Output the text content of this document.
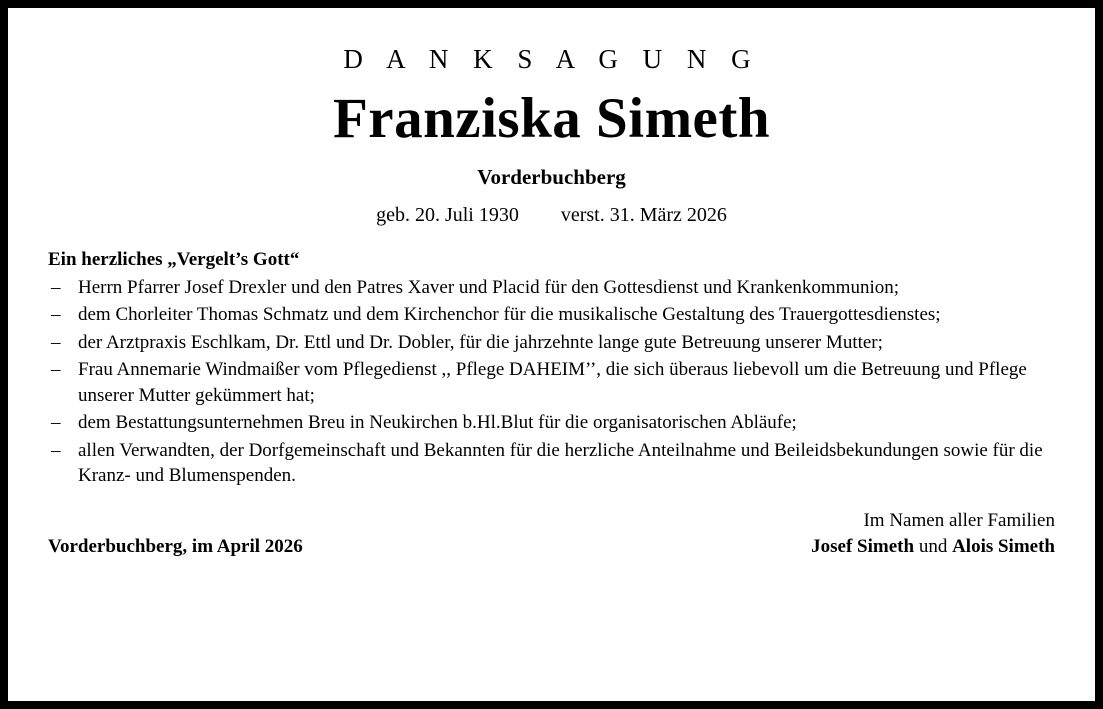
D A N K S A G U N G
Franziska Simeth
Vorderbuchberg
geb. 20. Juli 1930 verst. 31. März 2026
Ein herzliches „Vergelt’s Gott“
– Herrn Pfarrer Josef Drexler und den Patres Xaver und Placid für den Gottesdienst und Krankenkommunion;
– dem Chorleiter Thomas Schmatz und dem Kirchenchor für die musikalische Gestaltung des Trauergottesdienstes;
– der Arztpraxis Eschlkam, Dr. Ettl und Dr. Dobler, für die jahrzehnte lange gute Betreuung unserer Mutter;
– Frau Annemarie Windmaißer vom Pflegedienst ,, Pflege DAHEIM’’, die sich überaus liebevoll um die Betreuung und Pflege unserer Mutter gekümmert hat;
– dem Bestattungsunternehmen Breu in Neukirchen b.Hl.Blut für die organisatorischen Abläufe;
– allen Verwandten, der Dorfgemeinschaft und Bekannten für die herzliche Anteilnahme und Beileidsbekundungen sowie für die Kranz- und Blumenspenden.
Im Namen aller Familien
Josef Simeth und Alois Simeth
Vorderbuchberg, im April 2026
